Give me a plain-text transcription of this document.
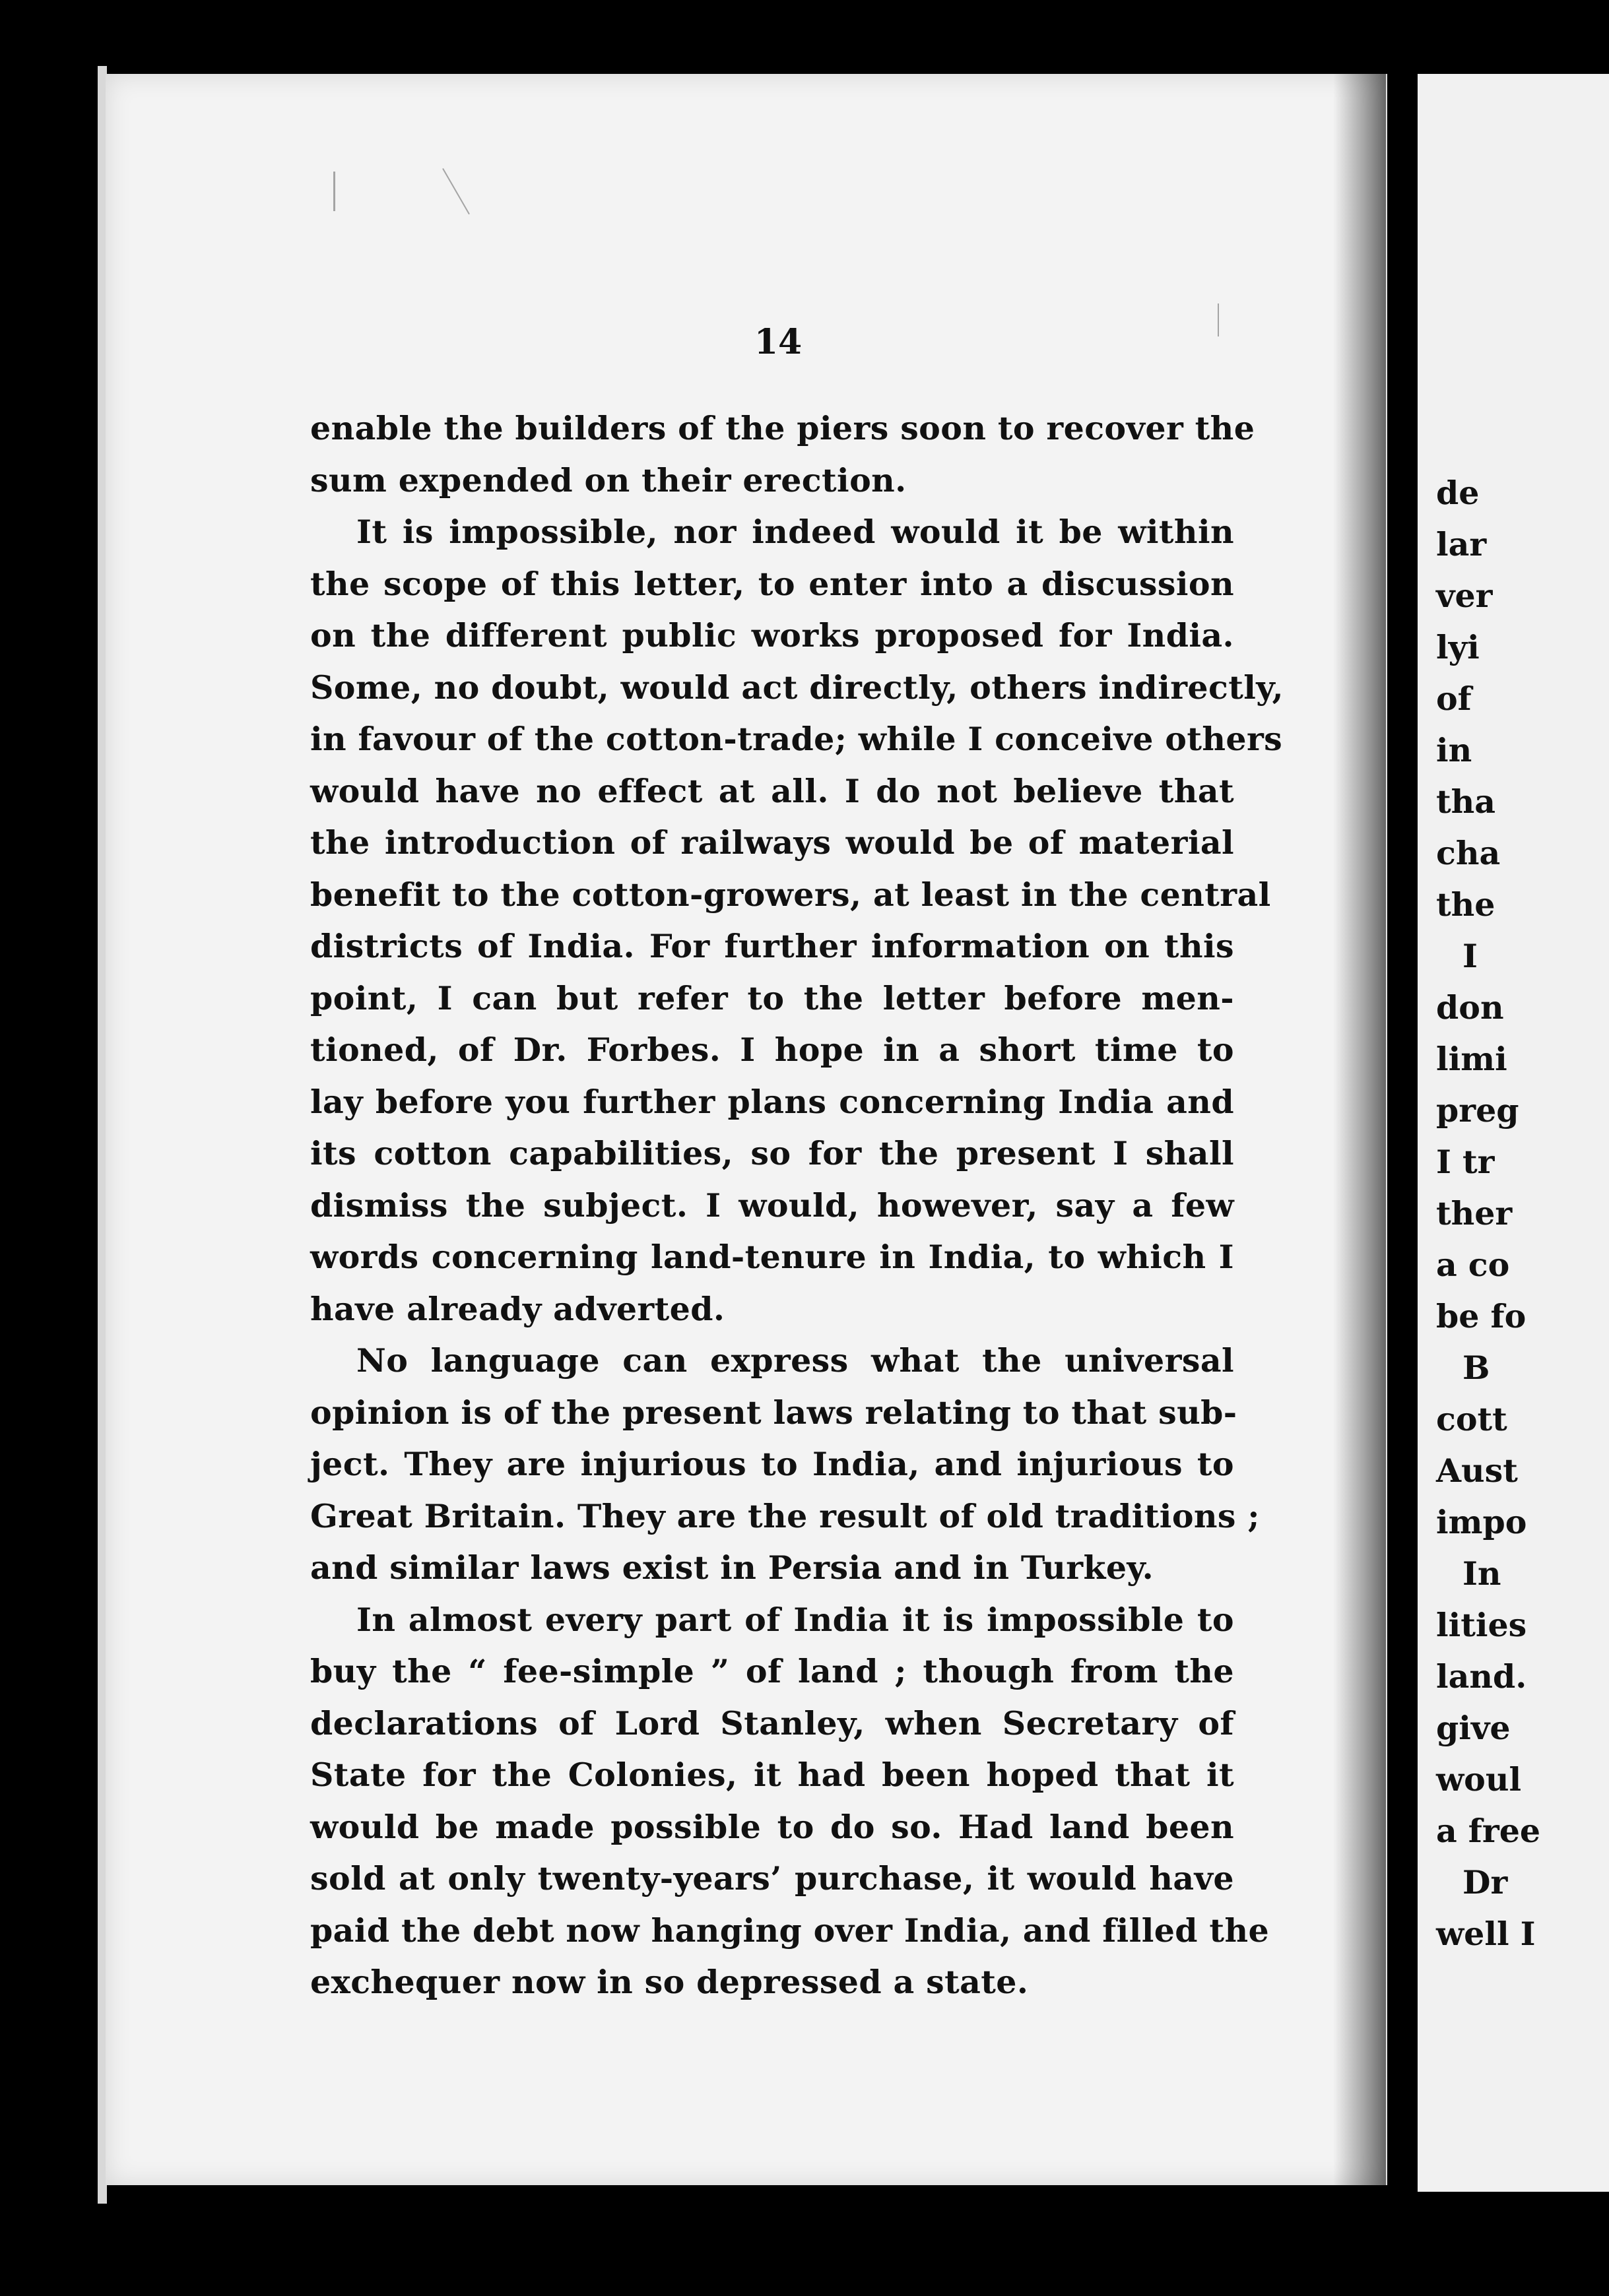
14
enable the builders of the piers soon to recover the
sum expended on their erection.
It is impossible, nor indeed would it be within
the scope of this letter, to enter into a discussion
on the different public works proposed for India.
Some, no doubt, would act directly, others indirectly,
in favour of the cotton-trade; while I conceive others
would have no effect at all. I do not believe that
the introduction of railways would be of material
benefit to the cotton-growers, at least in the central
districts of India. For further information on this
point, I can but refer to the letter before men-
tioned, of Dr. Forbes. I hope in a short time to
lay before you further plans concerning India and
its cotton capabilities, so for the present I shall
dismiss the subject. I would, however, say a few
words concerning land-tenure in India, to which I
have already adverted.
No language can express what the universal
opinion is of the present laws relating to that sub-
ject. They are injurious to India, and injurious to
Great Britain. They are the result of old traditions ;
and similar laws exist in Persia and in Turkey.
In almost every part of India it is impossible to
buy the “ fee-simple ” of land ; though from the
declarations of Lord Stanley, when Secretary of
State for the Colonies, it had been hoped that it
would be made possible to do so. Had land been
sold at only twenty-years’ purchase, it would have
paid the debt now hanging over India, and filled the
exchequer now in so depressed a state.
de
lar
ver
lyi
of
in
tha
cha
the
I
don
limi
preg
I tr
ther
a co
be fo
B
cott
Aust
impo
In
lities
land.
give
woul
a free
Dr
well I
